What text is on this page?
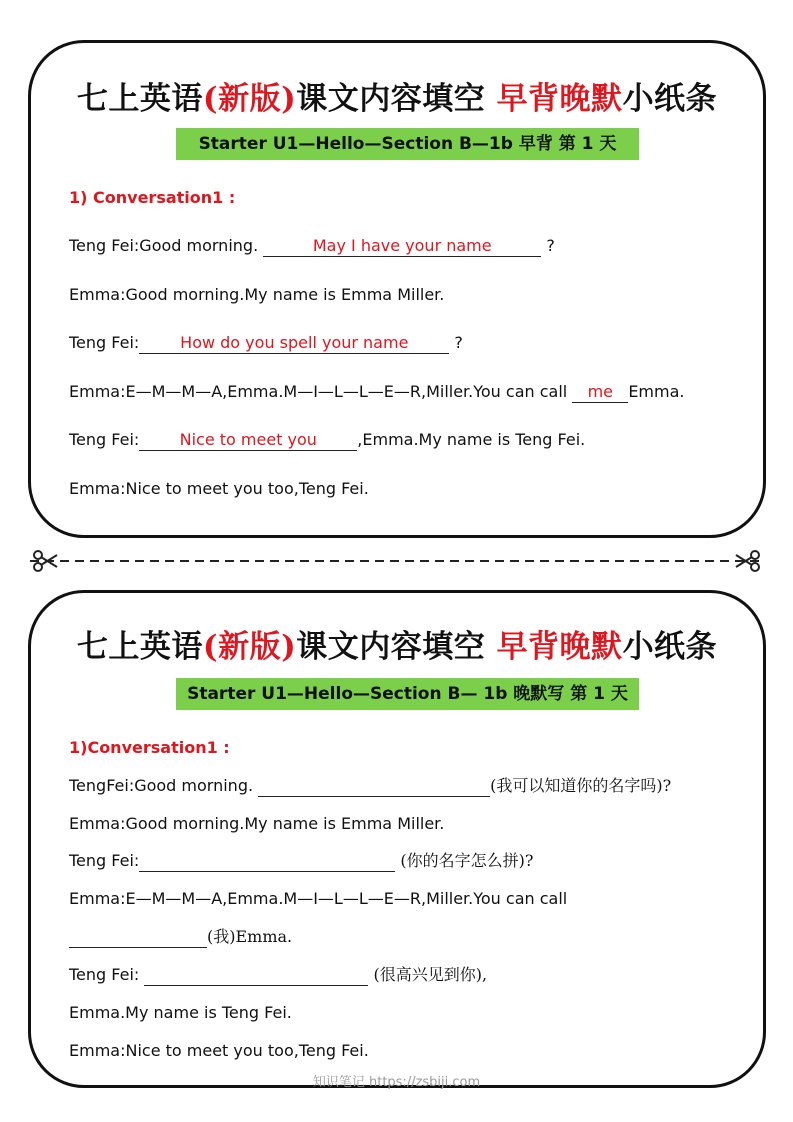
七上英语(新版)课文内容填空 早背晚默小纸条
Starter U1—Hello—Section B—1b 早背 第 1 天
1) Conversation1 :
Teng Fei:Good morning.	May I have your name	?
Emma:Good morning.My name is Emma Miller.
Teng Fei:	How do you spell your name	?
Emma:E—M—M—A,Emma.M—I—L—L—E—R,Miller.You can call me Emma.
Teng Fei:	Nice to meet you	,Emma.My name is Teng Fei.
Emma:Nice to meet you too,Teng Fei.
七上英语(新版)课文内容填空 早背晚默小纸条
Starter U1—Hello—Section B— 1b 晚默写 第 1 天
1)Conversation1 :
TengFei:Good morning.	(我可以知道你的名字吗)?
Emma:Good morning.My name is Emma Miller.
Teng Fei:	(你的名字怎么拼)?
Emma:E—M—M—A,Emma.M—I—L—L—E—R,Miller.You can call
(我)Emma.
Teng Fei:	(很高兴见到你),
Emma.My name is Teng Fei.
Emma:Nice to meet you too,Teng Fei.
知识笔记 https://zsbiji.com
